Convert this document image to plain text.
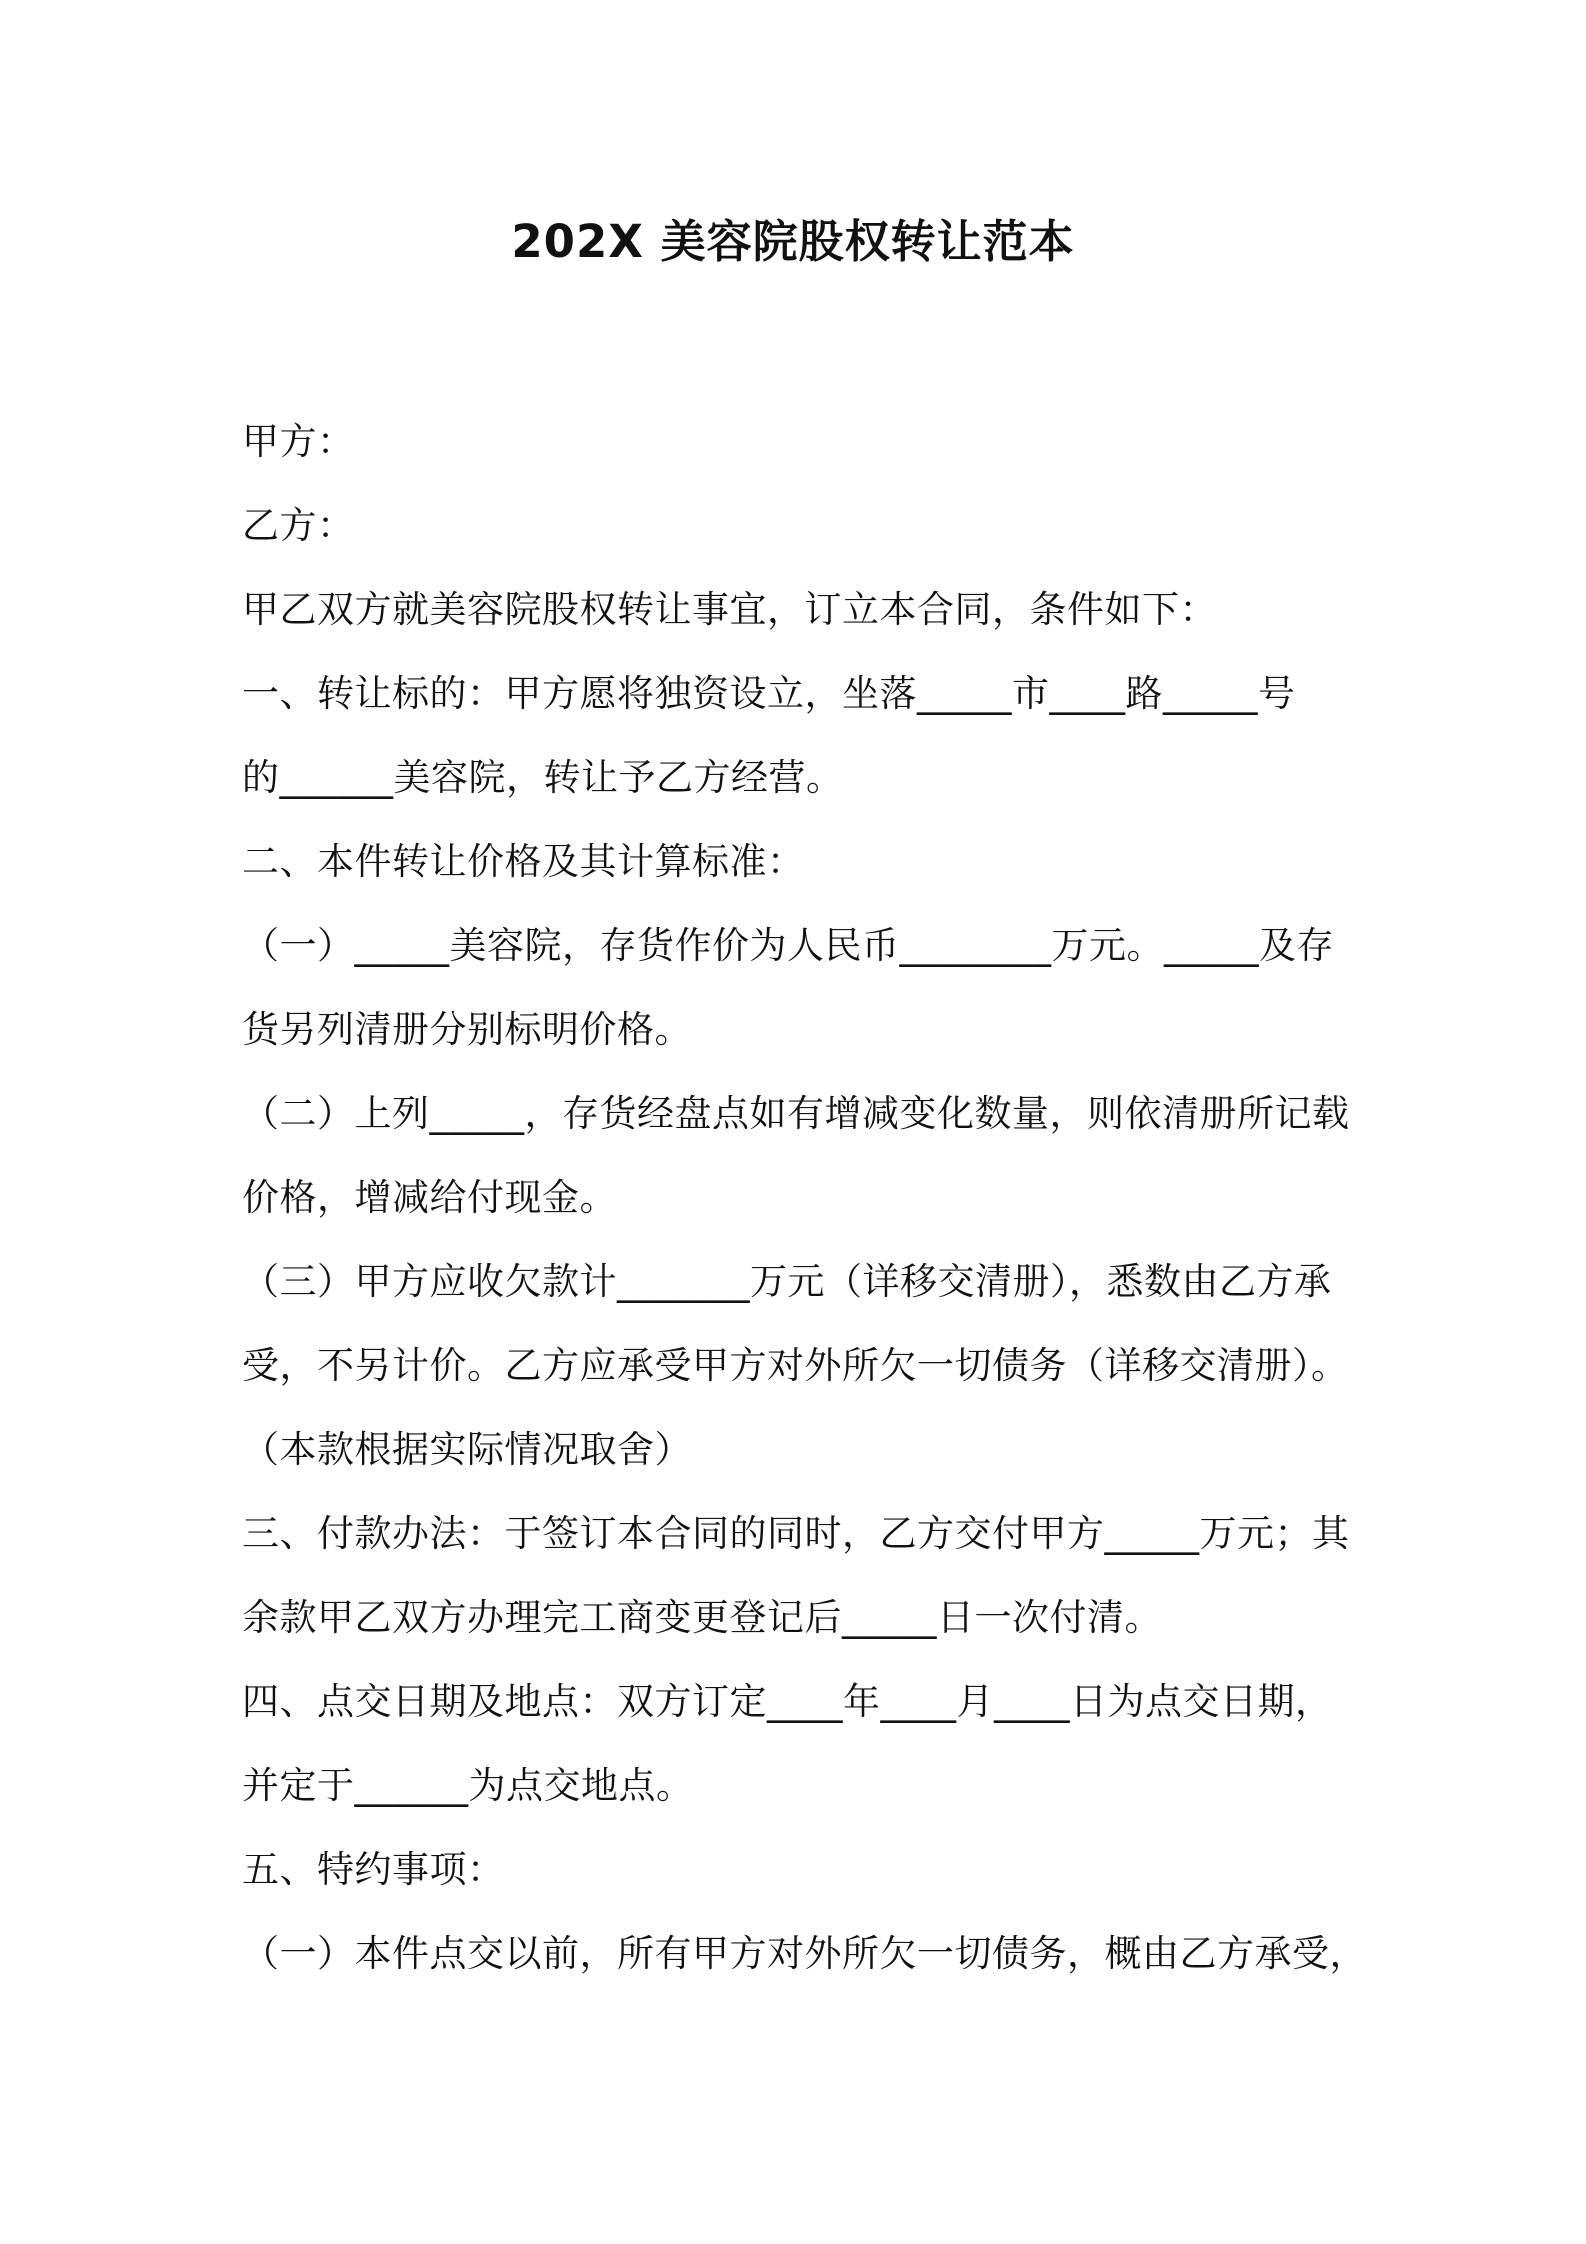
202X 美容院股权转让范本
甲方：
乙方：
甲乙双方就美容院股权转让事宜，订立本合同，条件如下：
一、转让标的：甲方愿将独资设立，坐落_____市____路_____号
的______美容院，转让予乙方经营。
二、本件转让价格及其计算标准：
（一）_____美容院，存货作价为人民币________万元。_____及存
货另列清册分别标明价格。
（二）上列_____，存货经盘点如有增减变化数量，则依清册所记载
价格，增减给付现金。
（三）甲方应收欠款计_______万元（详移交清册），悉数由乙方承
受，不另计价。乙方应承受甲方对外所欠一切债务（详移交清册）。
（本款根据实际情况取舍）
三、付款办法：于签订本合同的同时，乙方交付甲方_____万元；其
余款甲乙双方办理完工商变更登记后_____日一次付清。
四、点交日期及地点：双方订定____年____月____日为点交日期，
并定于______为点交地点。
五、特约事项：
（一）本件点交以前，所有甲方对外所欠一切债务，概由乙方承受，
